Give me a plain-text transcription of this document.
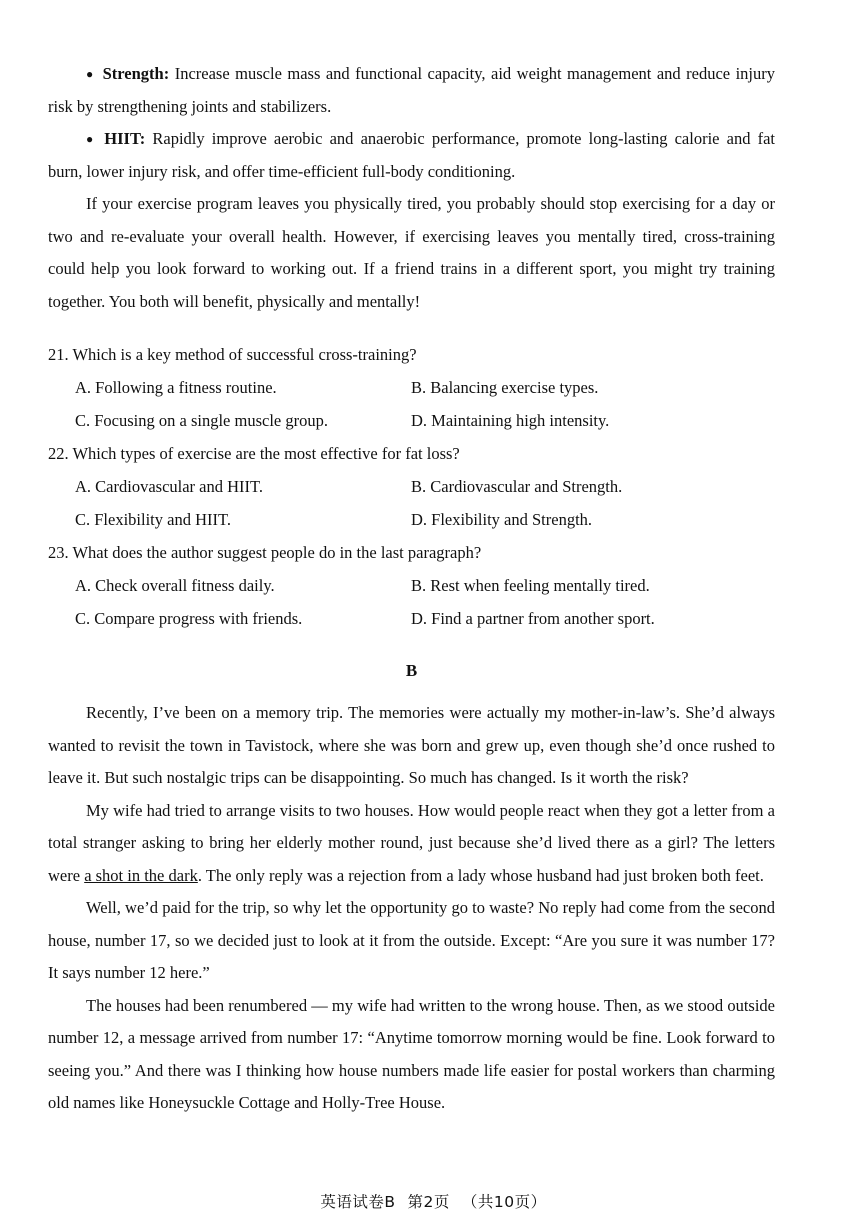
● Strength: Increase muscle mass and functional capacity, aid weight management and reduce injury risk by strengthening joints and stabilizers.

● HIIT: Rapidly improve aerobic and anaerobic performance, promote long-lasting calorie and fat burn, lower injury risk, and offer time-efficient full-body conditioning.

If your exercise program leaves you physically tired, you probably should stop exercising for a day or two and re-evaluate your overall health. However, if exercising leaves you mentally tired, cross-training could help you look forward to working out. If a friend trains in a different sport, you might try training together. You both will benefit, physically and mentally!

21. Which is a key method of successful cross-training?

A. Following a fitness routine.	B. Balancing exercise types.
C. Focusing on a single muscle group.	D. Maintaining high intensity.

22. Which types of exercise are the most effective for fat loss?

A. Cardiovascular and HIIT.	B. Cardiovascular and Strength.
C. Flexibility and HIIT.	D. Flexibility and Strength.

23. What does the author suggest people do in the last paragraph?

A. Check overall fitness daily.	B. Rest when feeling mentally tired.
C. Compare progress with friends.	D. Find a partner from another sport.
B

Recently, I’ve been on a memory trip. The memories were actually my mother-in-law’s. She’d always wanted to revisit the town in Tavistock, where she was born and grew up, even though she’d once rushed to leave it. But such nostalgic trips can be disappointing. So much has changed. Is it worth the risk?

My wife had tried to arrange visits to two houses. How would people react when they got a letter from a total stranger asking to bring her elderly mother round, just because she’d lived there as a girl? The letters were a shot in the dark. The only reply was a rejection from a lady whose husband had just broken both feet.

Well, we’d paid for the trip, so why let the opportunity go to waste? No reply had come from the second house, number 17, so we decided just to look at it from the outside. Except: “Are you sure it was number 17? It says number 12 here.”

The houses had been renumbered — my wife had written to the wrong house. Then, as we stood outside number 12, a message arrived from number 17: “Anytime tomorrow morning would be fine. Look forward to seeing you.” And there was I thinking how house numbers made life easier for postal workers than charming old names like Honeysuckle Cottage and Holly-Tree House.

英语试卷B 第2页 （共10页）
